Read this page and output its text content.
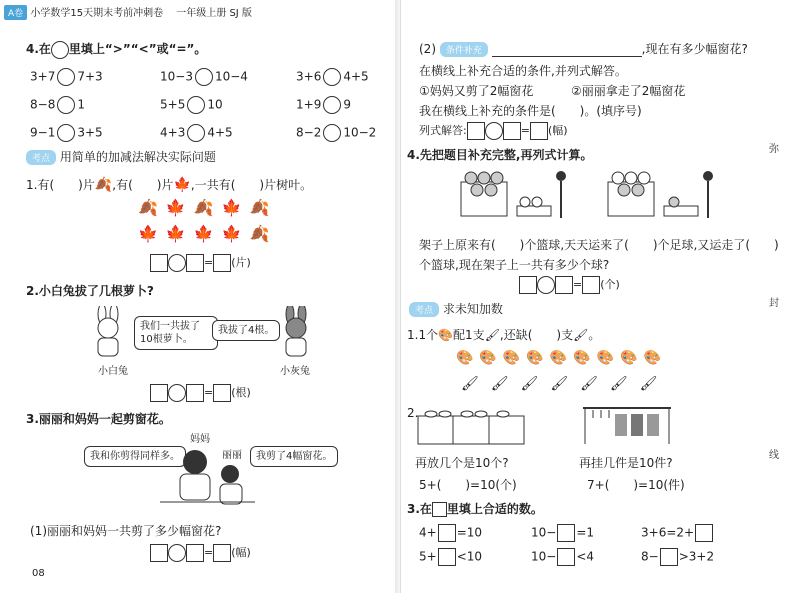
A卷 小学数学15天期末考前冲刺卷 一年级上册 SJ 版
4.在 里填上“>”“<”或“=”。
3+7 7+3	10−3 10−4	3+6 4+5
8−8 1	5+5 10	1+9 9
9−1 3+5	4+3 4+5	8−2 10−2
考点 用简单的加减法解决实际问题
1.有(　　)片🍂,有(　　)片🍁,一共有(　　)片树叶。
🍂🍁🍂🍁🍂
🍁🍁🍁🍁🍂
= (片)
2.小白兔拔了几根萝卜?
我们一共拔了10根萝卜。
我拔了4根。
小白兔	小灰兔
= (根)
3.丽丽和妈妈一起剪窗花。
妈妈
丽丽
我和你剪得同样多。	我剪了4幅窗花。
(1)丽丽和妈妈一共剪了多少幅窗花?
= (幅)
08
(2) 条件补充	,现在有多少幅窗花?
在横线上补充合适的条件,并列式解答。
①妈妈又剪了2幅窗花	②丽丽拿走了2幅窗花
我在横线上补充的条件是(　　)。(填序号)
列式解答:	= (幅)
4.先把题目补充完整,再列式计算。
架子上原来有(　　)个篮球,天天运来了(　　)个足球,又运走了(　　)
个篮球,现在架子上一共有多少个球?
= (个)
考点 求未知加数
1.1个🎨配1支🖌,还缺(　　)支🖌。
🎨🎨🎨🎨🎨🎨🎨🎨🎨
🖌🖌🖌🖌🖌🖌🖌
2.
再放几个是10个?	再挂几件是10件?
5+(　　)=10(个)	7+(　　)=10(件)
3.在 里填上合适的数。
4+ =10	10− =1	3+6=2+
5+ <10	10− <4	8− >3+2
弥
封
线
